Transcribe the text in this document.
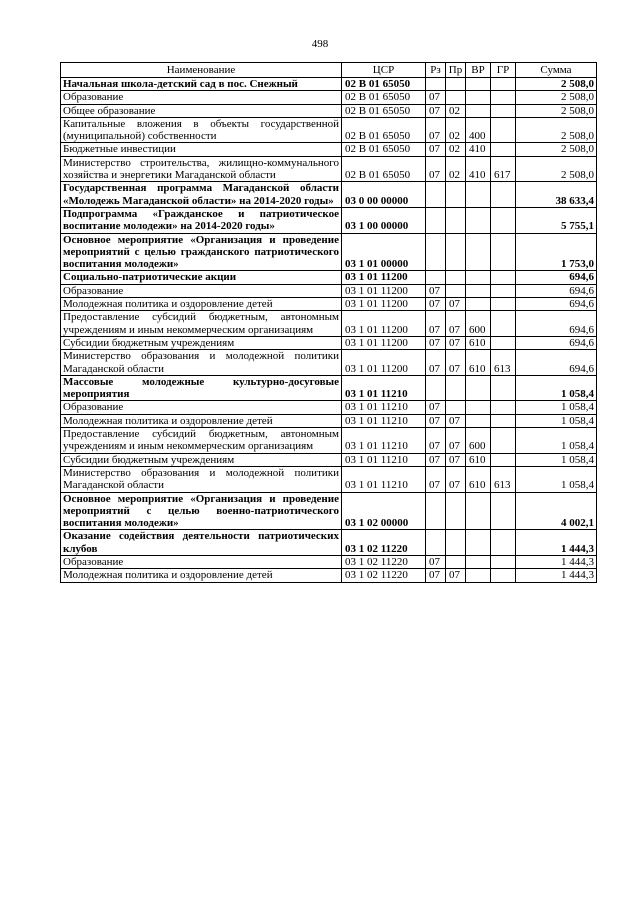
498
Наименование	ЦСР	Рз	Пр	ВР	ГР	Сумма
Начальная школа-детский сад в пос. Снежный	02 B 01 65050					2 508,0
Образование	02 B 01 65050	07				2 508,0
Общее образование	02 B 01 65050	07	02			2 508,0
Капитальные вложения в объекты государственной (муниципальной) собственности	02 B 01 65050	07	02	400		2 508,0
Бюджетные инвестиции	02 B 01 65050	07	02	410		2 508,0
Министерство строительства, жилищно-коммунального хозяйства и энергетики Магаданской области	02 B 01 65050	07	02	410	617	2 508,0
Государственная программа Магаданской области «Молодежь Магаданской области» на 2014-2020 годы»	03 0 00 00000					38 633,4
Подпрограмма «Гражданское и патриотическое воспитание молодежи» на 2014-2020 годы»	03 1 00 00000					5 755,1
Основное мероприятие «Организация и проведение мероприятий с целью гражданского патриотического воспитания молодежи»	03 1 01 00000					1 753,0
Социально-патриотические акции	03 1 01 11200					694,6
Образование	03 1 01 11200	07				694,6
Молодежная политика и оздоровление детей	03 1 01 11200	07	07			694,6
Предоставление субсидий бюджетным, автономным учреждениям и иным некоммерческим организациям	03 1 01 11200	07	07	600		694,6
Субсидии бюджетным учреждениям	03 1 01 11200	07	07	610		694,6
Министерство образования и молодежной политики Магаданской области	03 1 01 11200	07	07	610	613	694,6
Массовые молодежные культурно-досуговые мероприятия	03 1 01 11210					1 058,4
Образование	03 1 01 11210	07				1 058,4
Молодежная политика и оздоровление детей	03 1 01 11210	07	07			1 058,4
Предоставление субсидий бюджетным, автономным учреждениям и иным некоммерческим организациям	03 1 01 11210	07	07	600		1 058,4
Субсидии бюджетным учреждениям	03 1 01 11210	07	07	610		1 058,4
Министерство образования и молодежной политики Магаданской области	03 1 01 11210	07	07	610	613	1 058,4
Основное мероприятие «Организация и проведение мероприятий с целью военно-патриотического воспитания молодежи»	03 1 02 00000					4 002,1
Оказание содействия деятельности патриотических клубов	03 1 02 11220					1 444,3
Образование	03 1 02 11220	07				1 444,3
Молодежная политика и оздоровление детей	03 1 02 11220	07	07			1 444,3
